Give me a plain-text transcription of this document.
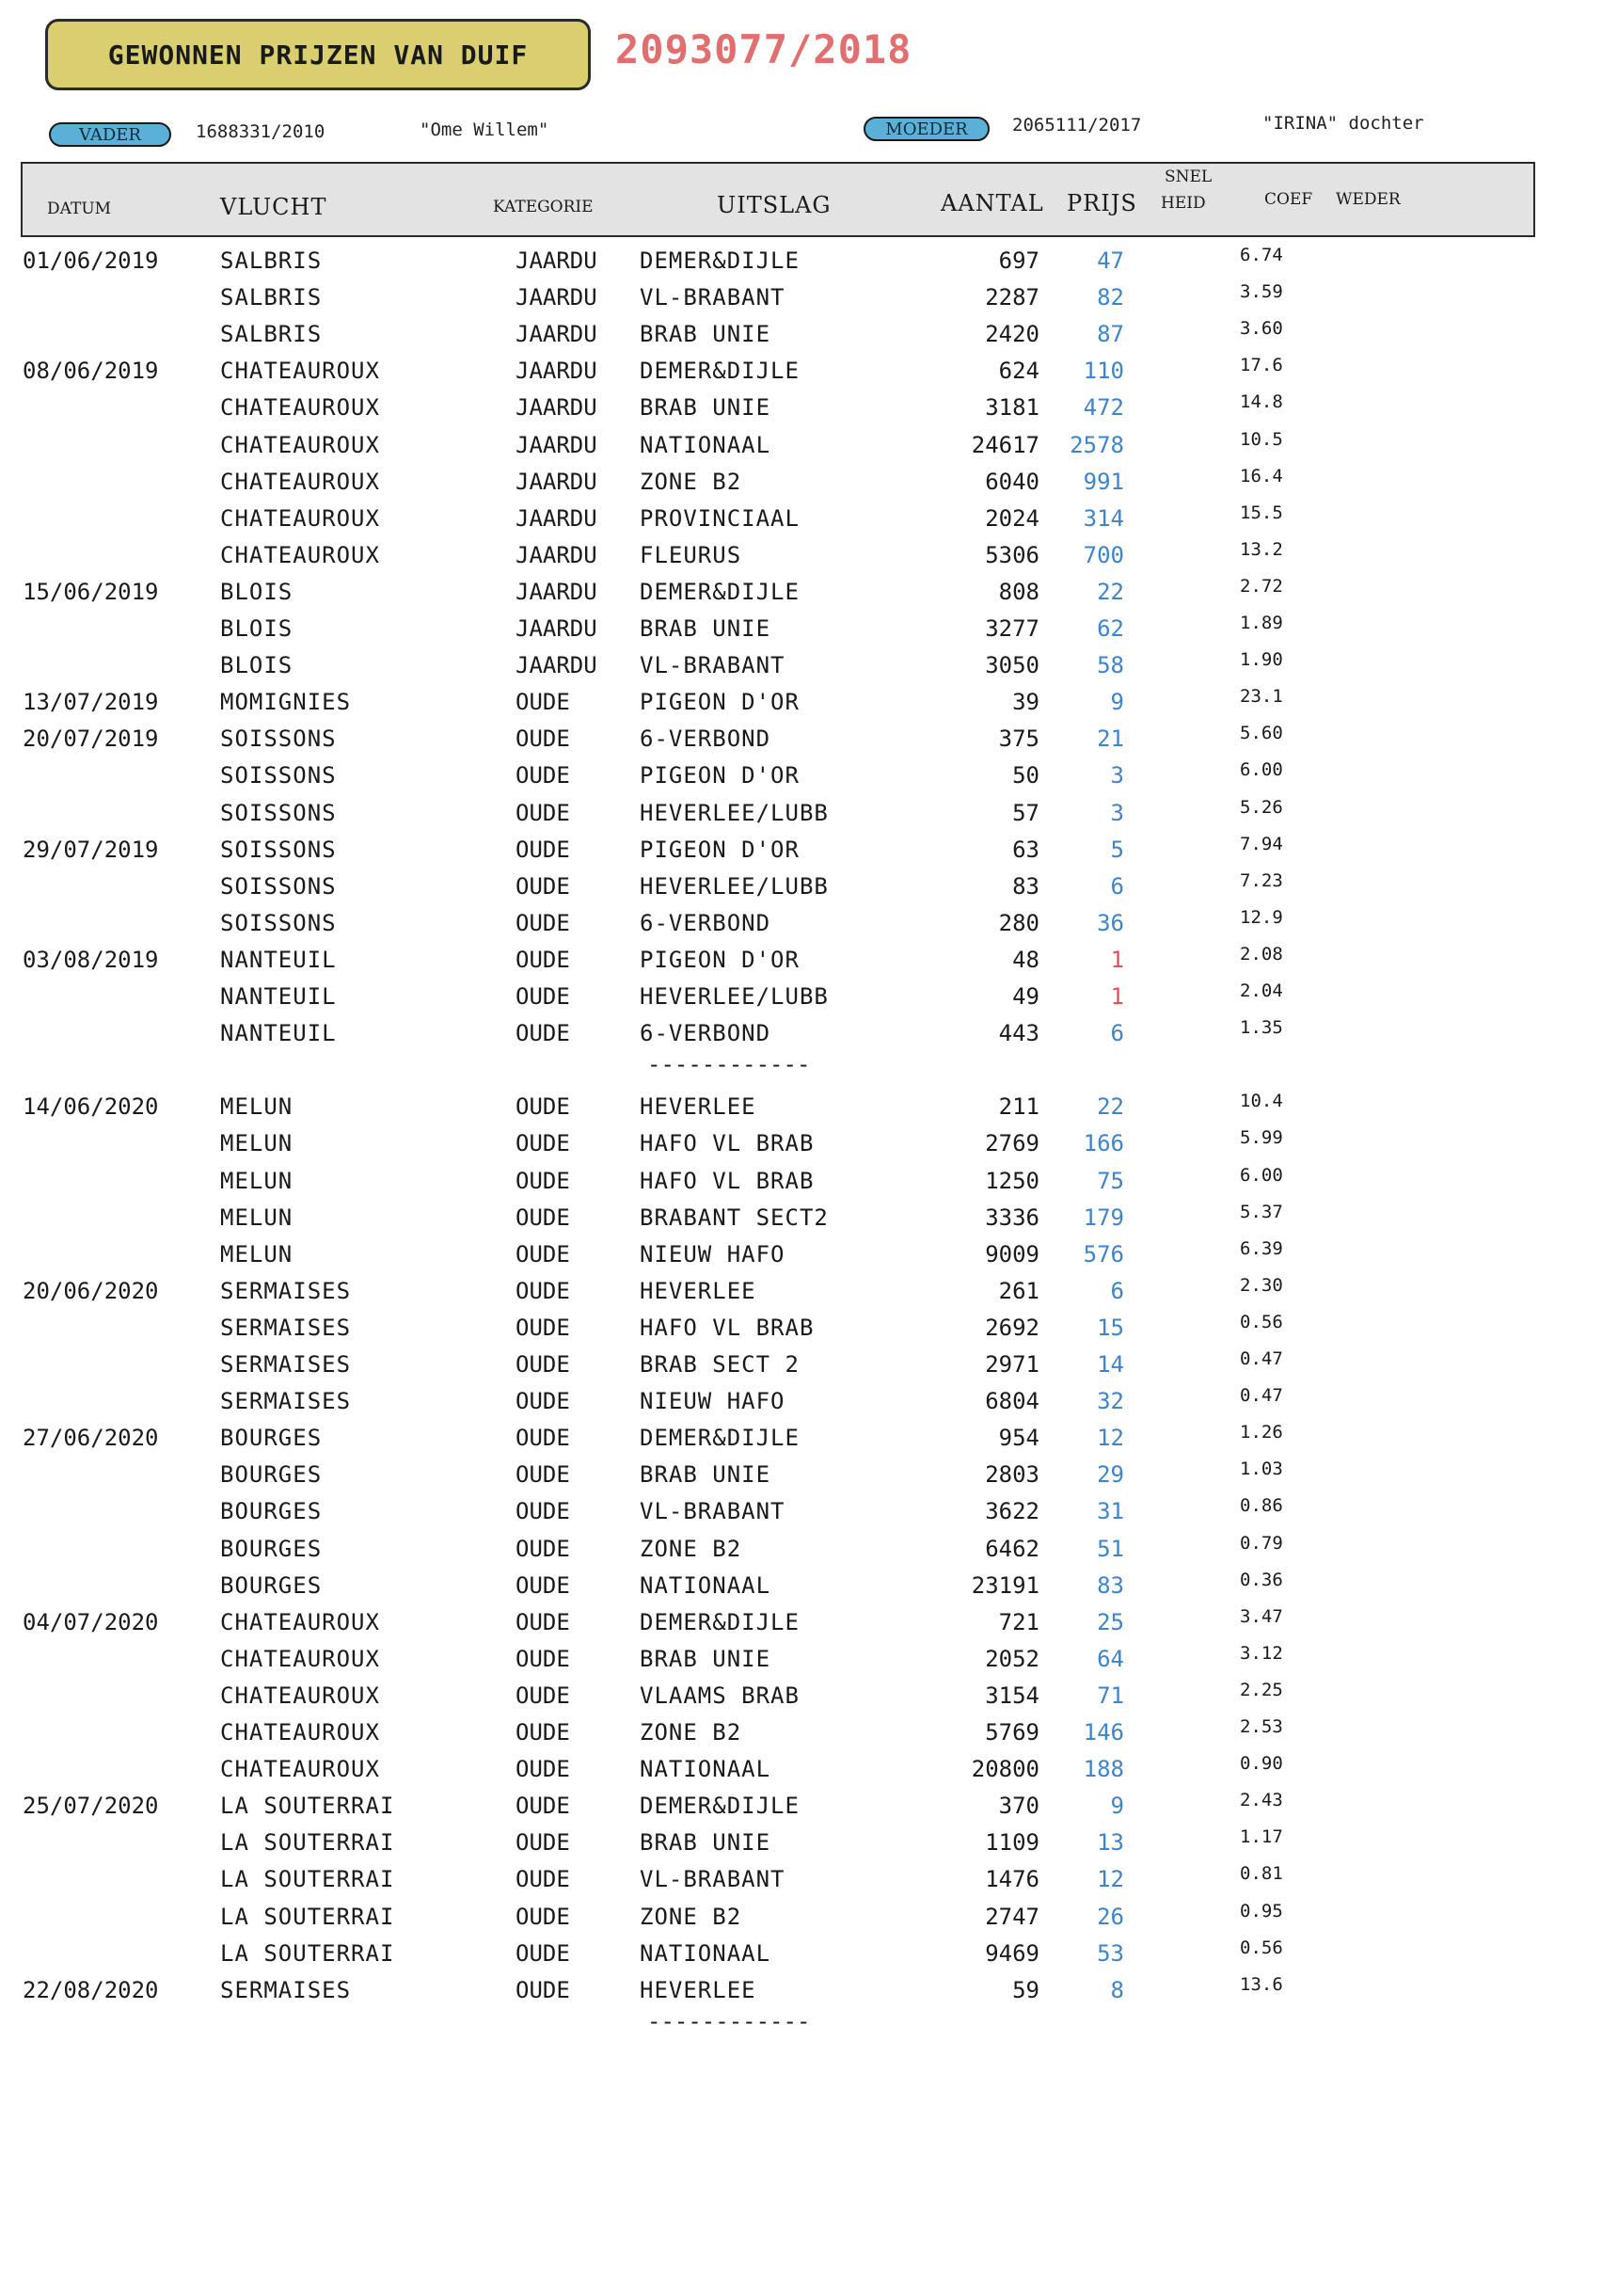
GEWONNEN PRIJZEN VAN DUIF	2093077/2018
VADER	1688331/2010	"Ome Willem"	MOEDER	2065111/2017	"IRINA" dochter
DATUM	VLUCHT	KATEGORIE	UITSLAG	AANTAL PRIJS
SNEL
HEID	COEF WEDER
01/06/2019	SALBRIS	JAARDU DEMER&DIJLE	697	47	6.74
SALBRIS	JAARDU VL-BRABANT	2287	82	3.59
SALBRIS	JAARDU BRAB UNIE	2420	87	3.60
08/06/2019	CHATEAUROUX	JAARDU DEMER&DIJLE	624 110	17.6
CHATEAUROUX	JAARDU BRAB UNIE	3181 472	14.8
CHATEAUROUX	JAARDU NATIONAAL	24617 2578	10.5
CHATEAUROUX	JAARDU ZONE B2	6040 991	16.4
CHATEAUROUX	JAARDU PROVINCIAAL	2024 314	15.5
CHATEAUROUX	JAARDU FLEURUS	5306 700	13.2
15/06/2019	BLOIS	JAARDU DEMER&DIJLE	808	22	2.72
BLOIS	JAARDU BRAB UNIE	3277	62	1.89
BLOIS	JAARDU VL-BRABANT	3050	58	1.90
13/07/2019	MOMIGNIES	OUDE	PIGEON D'OR	39	9	23.1
20/07/2019	SOISSONS	OUDE	6-VERBOND	375	21	5.60
SOISSONS	OUDE	PIGEON D'OR	50	3	6.00
SOISSONS	OUDE	HEVERLEE/LUBB	57	3	5.26
29/07/2019	SOISSONS	OUDE	PIGEON D'OR	63	5	7.94
SOISSONS	OUDE	HEVERLEE/LUBB	83	6	7.23
SOISSONS	OUDE	6-VERBOND	280	36	12.9
03/08/2019	NANTEUIL	OUDE	PIGEON D'OR	48	1	2.08
NANTEUIL	OUDE	HEVERLEE/LUBB	49	1	2.04
NANTEUIL	OUDE	6-VERBOND	443	6	1.35
------------
14/06/2020	MELUN	OUDE	HEVERLEE	211	22	10.4
MELUN	OUDE	HAFO VL BRAB	2769 166	5.99
MELUN	OUDE	HAFO VL BRAB	1250	75	6.00
MELUN	OUDE	BRABANT SECT2	3336 179	5.37
MELUN	OUDE	NIEUW HAFO	9009 576	6.39
20/06/2020	SERMAISES	OUDE	HEVERLEE	261	6	2.30
SERMAISES	OUDE	HAFO VL BRAB	2692	15	0.56
SERMAISES	OUDE	BRAB SECT 2	2971	14	0.47
SERMAISES	OUDE	NIEUW HAFO	6804	32	0.47
27/06/2020	BOURGES	OUDE	DEMER&DIJLE	954	12	1.26
BOURGES	OUDE	BRAB UNIE	2803	29	1.03
BOURGES	OUDE	VL-BRABANT	3622	31	0.86
BOURGES	OUDE	ZONE B2	6462	51	0.79
BOURGES	OUDE	NATIONAAL	23191	83	0.36
04/07/2020	CHATEAUROUX	OUDE	DEMER&DIJLE	721	25	3.47
CHATEAUROUX	OUDE	BRAB UNIE	2052	64	3.12
CHATEAUROUX	OUDE	VLAAMS BRAB	3154	71	2.25
CHATEAUROUX	OUDE	ZONE B2	5769 146	2.53
CHATEAUROUX	OUDE	NATIONAAL	20800 188	0.90
25/07/2020	LA SOUTERRAI	OUDE	DEMER&DIJLE	370	9	2.43
LA SOUTERRAI	OUDE	BRAB UNIE	1109	13	1.17
LA SOUTERRAI	OUDE	VL-BRABANT	1476	12	0.81
LA SOUTERRAI	OUDE	ZONE B2	2747	26	0.95
LA SOUTERRAI	OUDE	NATIONAAL	9469	53	0.56
22/08/2020	SERMAISES	OUDE	HEVERLEE	59	8	13.6
------------
